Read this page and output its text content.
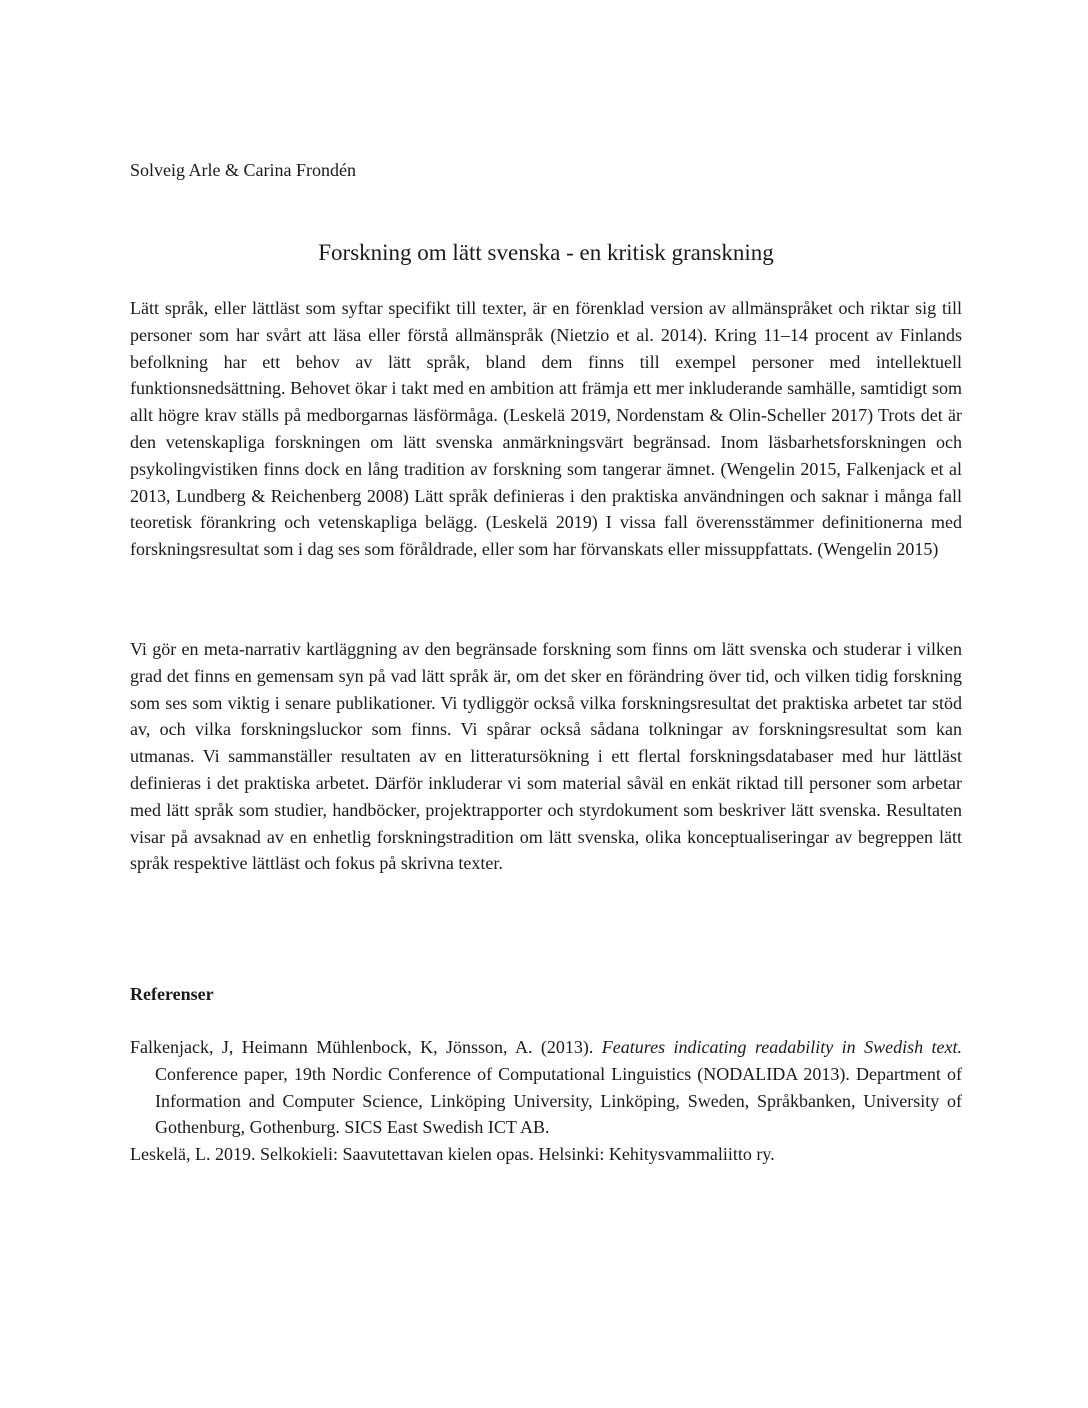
Solveig Arle & Carina Frondén
Forskning om lätt svenska - en kritisk granskning

Lätt språk, eller lättläst som syftar specifikt till texter, är en förenklad version av allmänspråket och riktar sig till personer som har svårt att läsa eller förstå allmänspråk (Nietzio et al. 2014). Kring 11–14 procent av Finlands befolkning har ett behov av lätt språk, bland dem finns till exempel personer med intellektuell funktionsnedsättning. Behovet ökar i takt med en ambition att främja ett mer inkluderande samhälle, samtidigt som allt högre krav ställs på medborgarnas läsförmåga. (Leskelä 2019, Nordenstam & Olin-Scheller 2017) Trots det är den vetenskapliga forskningen om lätt svenska anmärkningsvärt begränsad. Inom läsbarhetsforskningen och psykolingvistiken finns dock en lång tradition av forskning som tangerar ämnet. (Wengelin 2015, Falkenjack et al 2013, Lundberg & Reichenberg 2008) Lätt språk definieras i den praktiska användningen och saknar i många fall teoretisk förankring och vetenskapliga belägg. (Leskelä 2019) I vissa fall överensstämmer definitionerna med forskningsresultat som i dag ses som föråldrade, eller som har förvanskats eller missuppfattats. (Wengelin 2015)

Vi gör en meta-narrativ kartläggning av den begränsade forskning som finns om lätt svenska och studerar i vilken grad det finns en gemensam syn på vad lätt språk är, om det sker en förändring över tid, och vilken tidig forskning som ses som viktig i senare publikationer. Vi tydliggör också vilka forskningsresultat det praktiska arbetet tar stöd av, och vilka forskningsluckor som finns. Vi spårar också sådana tolkningar av forskningsresultat som kan utmanas. Vi sammanställer resultaten av en litteratursökning i ett flertal forskningsdatabaser med hur lättläst definieras i det praktiska arbetet. Därför inkluderar vi som material såväl en enkät riktad till personer som arbetar med lätt språk som studier, handböcker, projektrapporter och styrdokument som beskriver lätt svenska. Resultaten visar på avsaknad av en enhetlig forskningstradition om lätt svenska, olika konceptualiseringar av begreppen lätt språk respektive lättläst och fokus på skrivna texter.

Referenser

Falkenjack, J, Heimann Mühlenbock, K, Jönsson, A. (2013). Features indicating readability in Swedish text. Conference paper, 19th Nordic Conference of Computational Linguistics (NODALIDA 2013). Department of Information and Computer Science, Linköping University, Linköping, Sweden, Språkbanken, University of Gothenburg, Gothenburg. SICS East Swedish ICT AB.

Leskelä, L. 2019. Selkokieli: Saavutettavan kielen opas. Helsinki: Kehitysvammaliitto ry.
